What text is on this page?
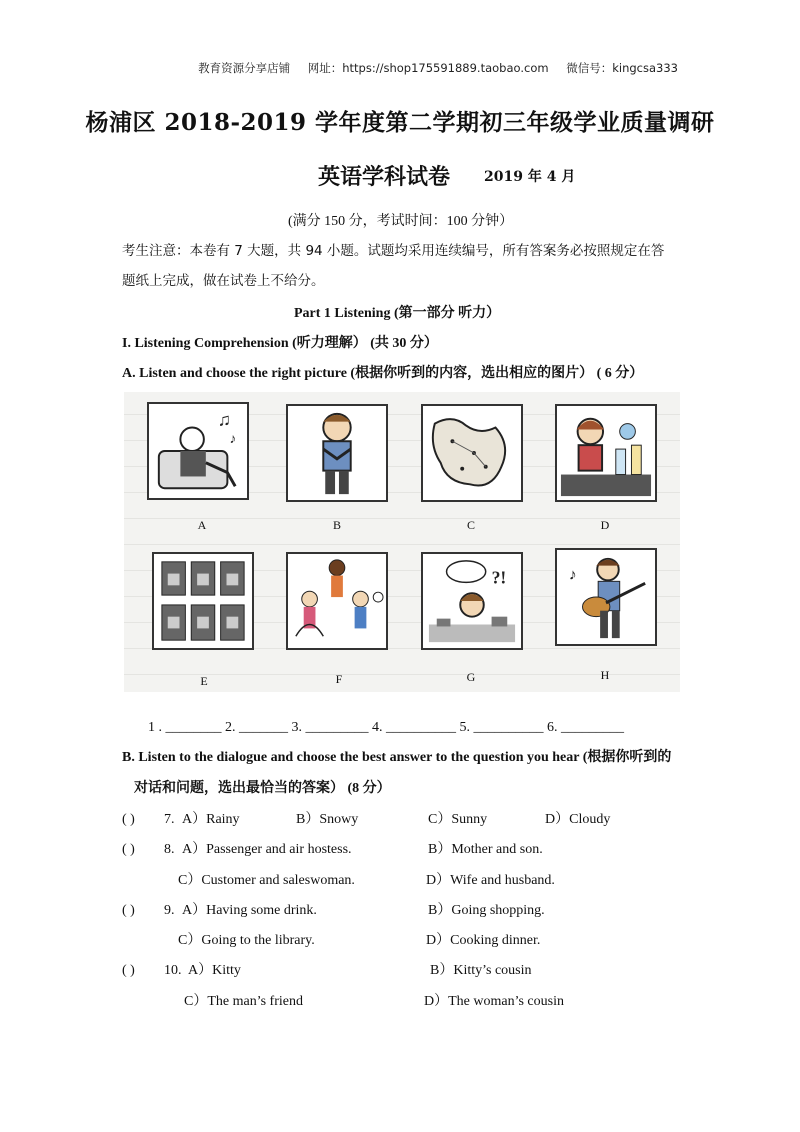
教育资源分享店铺 网址：https://shop175591889.taobao.com 微信号：kingcsa333
杨浦区 2018-2019 学年度第二学期初三年级学业质量调研
英语学科试卷 2019 年 4 月
(满分 150 分，考试时间：100 分钟）
考生注意：本卷有 7 大题，共 94 小题。试题均采用连续编号，所有答案务必按照规定在答
题纸上完成，做在试卷上不给分。
Part 1 Listening (第一部分 听力）
I. Listening Comprehension (听力理解） (共 30 分）
A. Listen and choose the right picture (根据你听到的内容，选出相应的图片） ( 6 分）
♫
♪
A	B	C	D
E	F
?!
G
♪
H
1 . ________ 2. _______ 3. _________ 4. __________ 5. __________ 6. _________
B. Listen to the dialogue and choose the best answer to the question you hear (根据你听到的
对话和问题，选出最恰当的答案） (8 分）
( ) 7. A）Rainy	B）Snowy	C）Sunny	D）Cloudy
( ) 8. A）Passenger and air hostess.	B）Mother and son.
C）Customer and saleswoman.	D）Wife and husband.
( ) 9. A）Having some drink.	B）Going shopping.
C）Going to the library.	D）Cooking dinner.
( ) 10. A）Kitty	B）Kitty’s cousin
C）The man’s friend	D）The woman’s cousin
